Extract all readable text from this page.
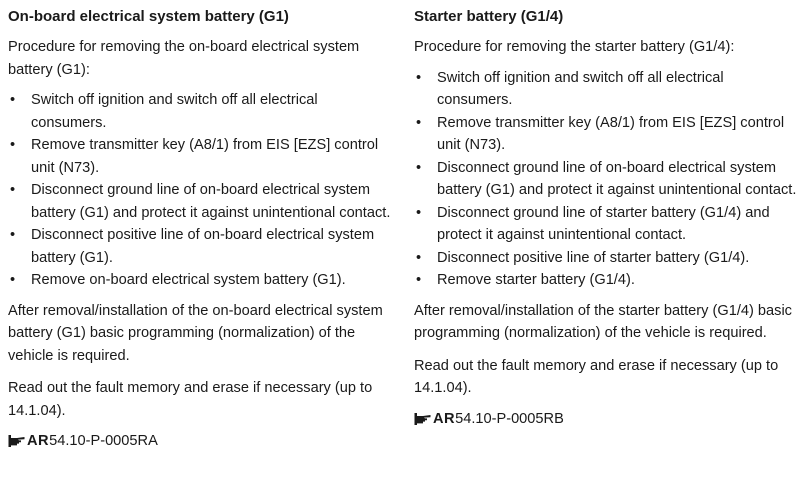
On-board electrical system battery (G1)

Procedure for removing the on-board electrical system battery (G1):

• Switch off ignition and switch off all electrical consumers.
• Remove transmitter key (A8/1) from EIS [EZS] control unit (N73).
• Disconnect ground line of on-board electrical system battery (G1) and protect it against unintentional contact.
• Disconnect positive line of on-board electrical system battery (G1).
• Remove on-board electrical system battery (G1).

After removal/installation of the on-board electrical system battery (G1) basic programming (normalization) of the vehicle is required.

Read out the fault memory and erase if necessary (up to 14.1.04).

AR 54.10-P-0005RA
Starter battery (G1/4)

Procedure for removing the starter battery (G1/4):

• Switch off ignition and switch off all electrical consumers.
• Remove transmitter key (A8/1) from EIS [EZS] control unit (N73).
• Disconnect ground line of on-board electrical system battery (G1) and protect it against unintentional contact.
• Disconnect ground line of starter battery (G1/4) and protect it against unintentional contact.
• Disconnect positive line of starter battery (G1/4).
• Remove starter battery (G1/4).

After removal/installation of the starter battery (G1/4) basic programming (normalization) of the vehicle is required.

Read out the fault memory and erase if necessary (up to 14.1.04).

AR 54.10-P-0005RB
